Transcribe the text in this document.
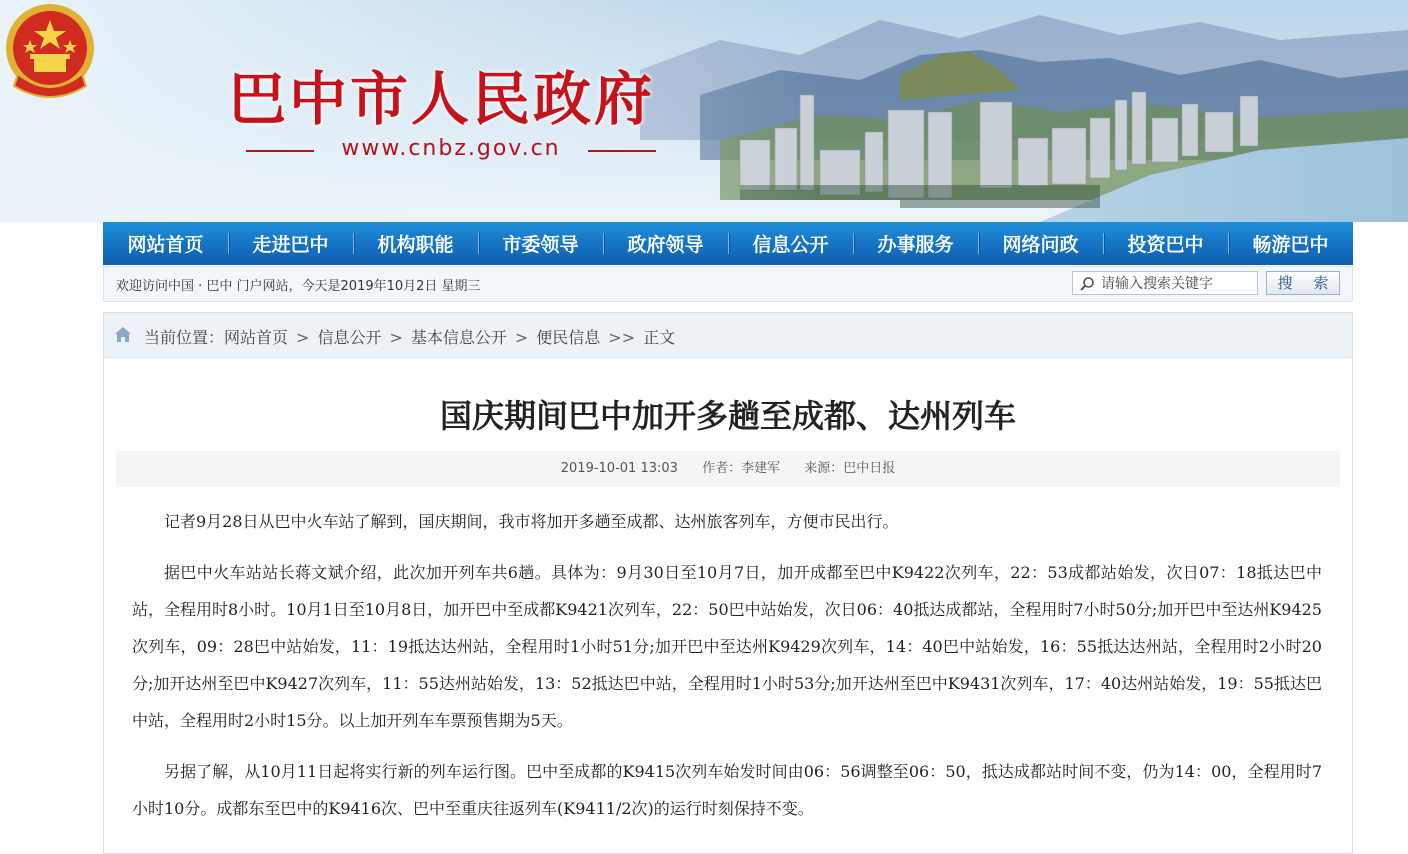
巴中市人民政府
www.cnbz.gov.cn
网站首页	走进巴中	机构职能	市委领导	政府领导	信息公开	办事服务	网络问政	投资巴中	畅游巴中
欢迎访问中国 · 巴中 门户网站，今天是2019年10月2日 星期三
请输入搜索关键字	搜 索
当前位置：网站首页 > 信息公开 > 基本信息公开 > 便民信息 >> 正文
国庆期间巴中加开多趟至成都、达州列车
2019-10-01 13:03 作者：李建军 来源：巴中日报

记者9月28日从巴中火车站了解到，国庆期间，我市将加开多趟至成都、达州旅客列车，方便市民出行。

据巴中火车站站长蒋文斌介绍，此次加开列车共6趟。具体为：9月30日至10月7日，加开成都至巴中K9422次列车，22：53成都站始发，次日07：18抵达巴中站，全程用时8小时。10月1日至10月8日，加开巴中至成都K9421次列车，22：50巴中站始发，次日06：40抵达成都站，全程用时7小时50分;加开巴中至达州K9425次列车，09：28巴中站始发，11：19抵达达州站，全程用时1小时51分;加开巴中至达州K9429次列车，14：40巴中站始发，16：55抵达达州站，全程用时2小时20分;加开达州至巴中K9427次列车，11：55达州站始发，13：52抵达巴中站，全程用时1小时53分;加开达州至巴中K9431次列车，17：40达州站始发，19：55抵达巴中站，全程用时2小时15分。以上加开列车车票预售期为5天。

另据了解，从10月11日起将实行新的列车运行图。巴中至成都的K9415次列车始发时间由06：56调整至06：50，抵达成都站时间不变，仍为14：00，全程用时7小时10分。成都东至巴中的K9416次、巴中至重庆往返列车(K9411/2次)的运行时刻保持不变。
